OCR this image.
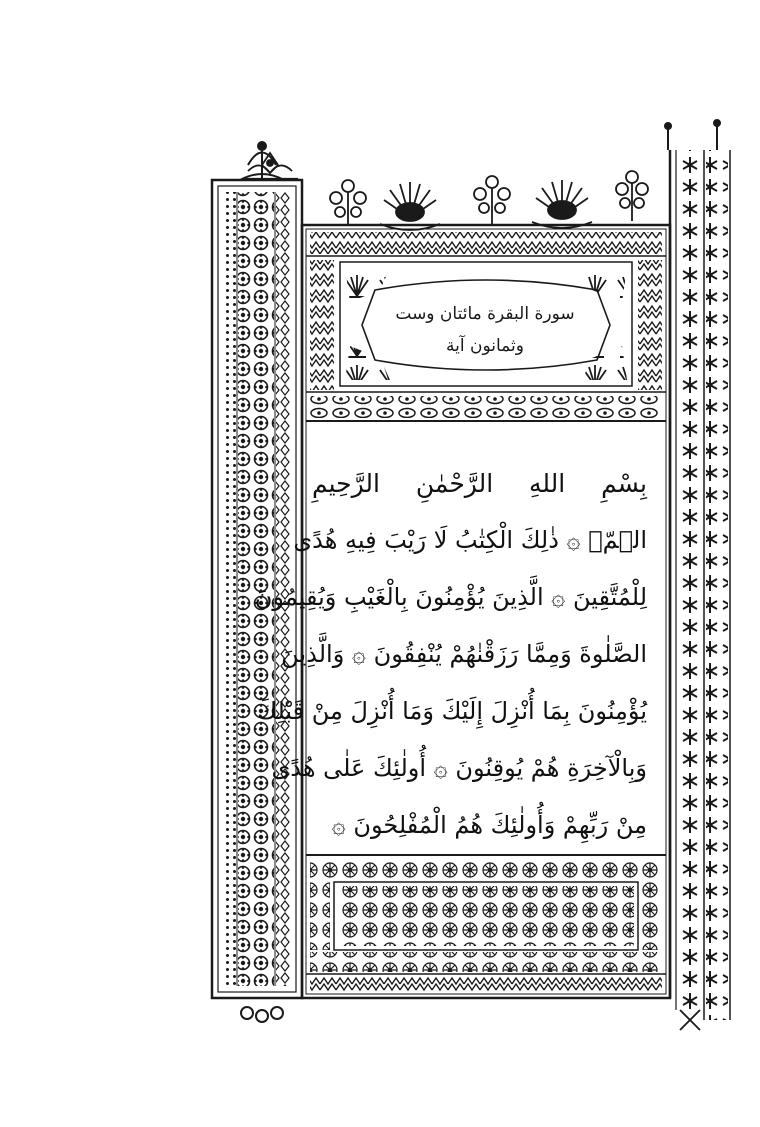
سورة البقرة مائتان وست
وثمانون آية
بِسْمِ اللهِ الرَّحْمٰنِ الرَّحِيمِ
الۤمّۤ ۞ ذٰلِكَ الْكِتٰبُ لَا رَيْبَ فِيهِ هُدًى
لِلْمُتَّقِينَ ۞ الَّذِينَ يُؤْمِنُونَ بِالْغَيْبِ وَيُقِيمُونَ
الصَّلٰوةَ وَمِمَّا رَزَقْنٰهُمْ يُنْفِقُونَ ۞ وَالَّذِينَ
يُؤْمِنُونَ بِمَا أُنْزِلَ إِلَيْكَ وَمَا أُنْزِلَ مِنْ قَبْلِكَ
وَبِالْآخِرَةِ هُمْ يُوقِنُونَ ۞ أُولٰئِكَ عَلٰى هُدًى
مِنْ رَبِّهِمْ وَأُولٰئِكَ هُمُ الْمُفْلِحُونَ ۞
